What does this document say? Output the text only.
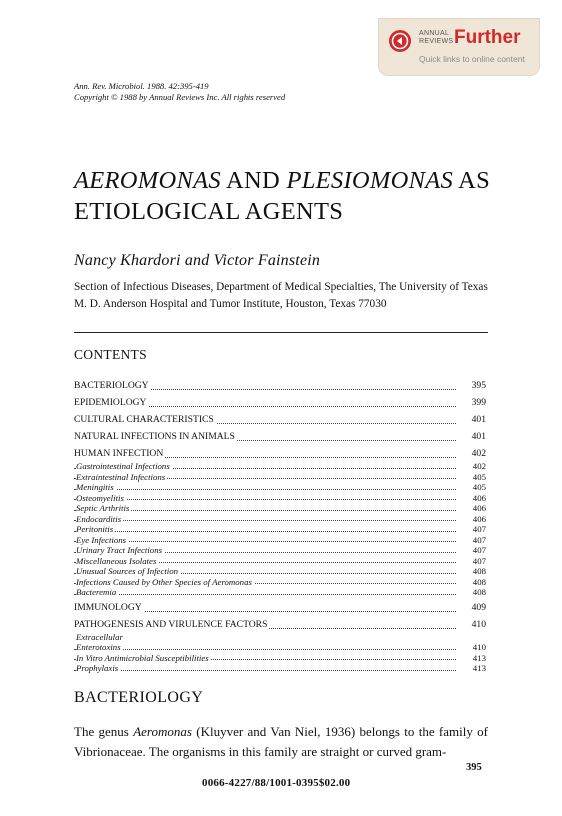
ANNUAL
REVIEWS Further
Quick links to online content
Ann. Rev. Microbiol. 1988. 42:395-419
Copyright © 1988 by Annual Reviews Inc. All rights reserved
AEROMONAS AND PLESIOMONAS AS
ETIOLOGICAL AGENTS
Nancy Khardori and Victor Fainstein
Section of Infectious Diseases, Department of Medical Specialties, The University of Texas M. D. Anderson Hospital and Tumor Institute, Houston, Texas 77030
CONTENTS
BACTERIOLOGY	395
EPIDEMIOLOGY	399
CULTURAL CHARACTERISTICS	401
NATURAL INFECTIONS IN ANIMALS	401
HUMAN INFECTION	402
Gastrointestinal Infections	402
Extraintestinal Infections	405
Meningitis	405
Osteomyelitis	406
Septic Arthritis	406
Endocarditis	406
Peritonitis	407
Eye Infections	407
Urinary Tract Infections	407
Miscellaneous Isolates	407
Unusual Sources of Infection	408
Infections Caused by Other Species of Aeromonas	408
Bacteremia	408
IMMUNOLOGY	409
PATHOGENESIS AND VIRULENCE FACTORS	410
Extracellular
Enterotoxins	410
In Vitro Antimicrobial Susceptibilities	413
Prophylaxis	413
BACTERIOLOGY
The genus Aeromonas (Kluyver and Van Niel, 1936) belongs to the family of Vibrionaceae. The organisms in this family are straight or curved gram-
395
0066-4227/88/1001-0395$02.00
